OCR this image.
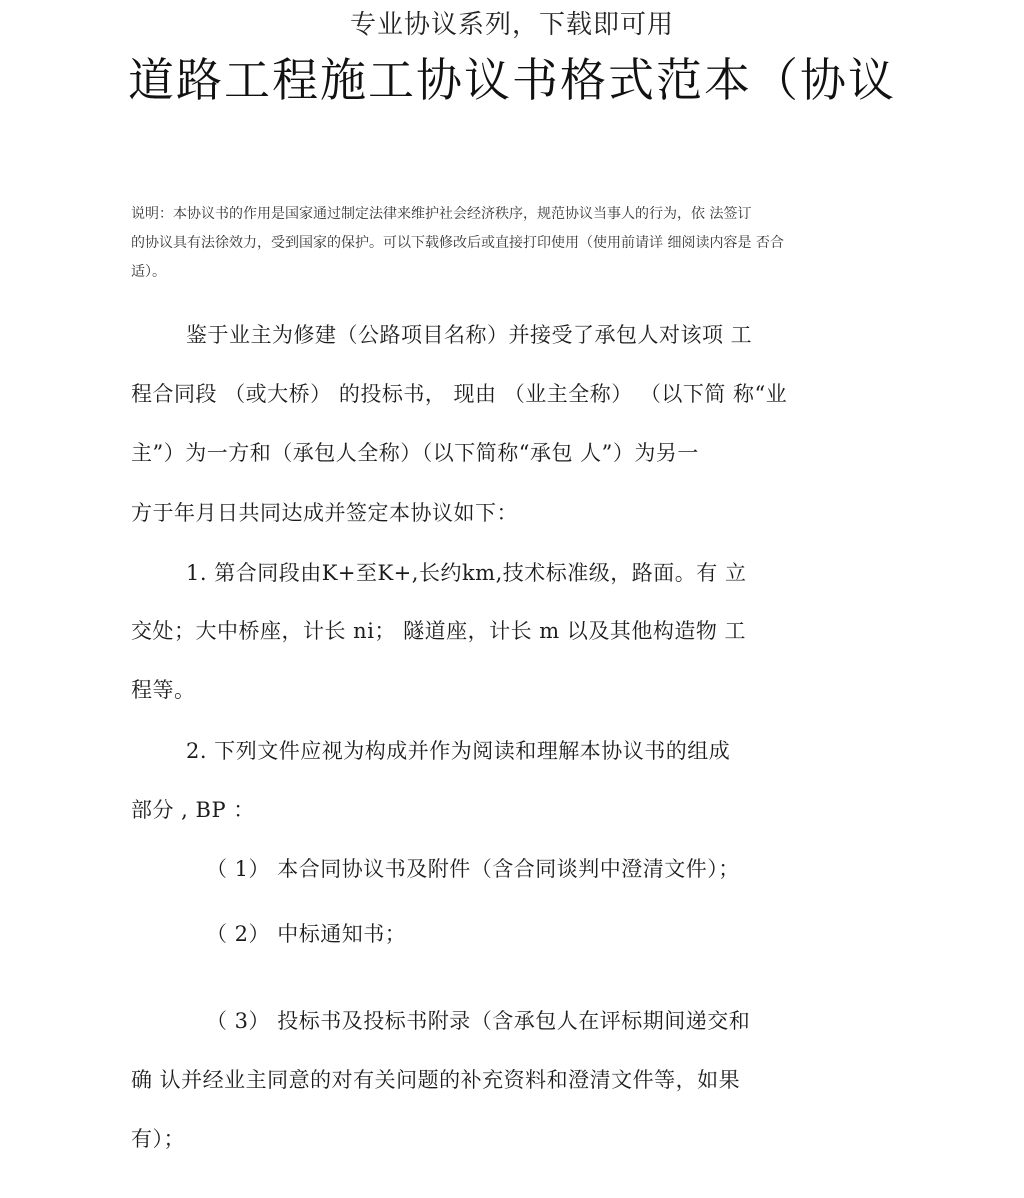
专业协议系列，下载即可用
道路工程施工协议书格式范本（协议
说明：本协议书的作用是国家通过制定法律来维护社会经济秩序，规范协议当事人的行为，依 法签订
的协议具有法徐效力，受到国家的保护。可以下载修改后或直接打印使用（使用前请详 细阅读内容是 否合
适）。
鉴于业主为修建（公路项目名称）并接受了承包人对该项 工
程合同段 （或大桥） 的投标书， 现由 （业主全称） （以下简 称“业
主”）为一方和（承包人全称）（以下简称“承包 人”）为另一
方于年月日共同达成并签定本协议如下：
1. 第合同段由K+至K+,长约km,技术标准级，路面。有 立
交处；大中桥座，计长 ni； 隧道座，计长 m 以及其他构造物 工
程等。
2. 下列文件应视为构成并作为阅读和理解本协议书的组成
部分 , BP ：
（ 1） 本合同协议书及附件（含合同谈判中澄清文件）；
（ 2） 中标通知书；
（ 3） 投标书及投标书附录（含承包人在评标期间递交和
确 认并经业主同意的对有关问题的补充资料和澄清文件等，如果
有）；
